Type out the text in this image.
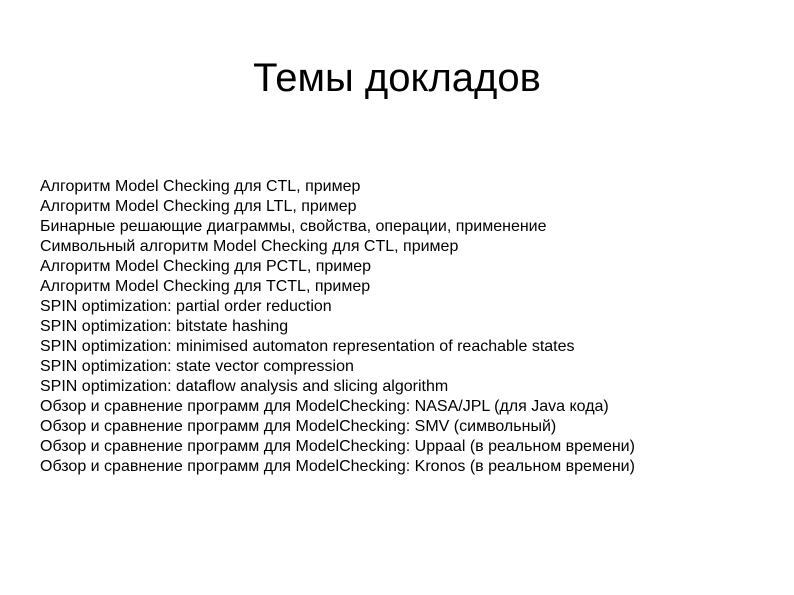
Темы докладов
Алгоритм Model Checking для CTL, пример
Алгоритм Model Checking для LTL, пример
Бинарные решающие диаграммы, свойства, операции, применение
Символьный алгоритм Model Checking для CTL, пример
Алгоритм Model Checking для PCTL, пример
Алгоритм Model Checking для TCTL, пример
SPIN optimization: partial order reduction
SPIN optimization: bitstate hashing
SPIN optimization: minimised automaton representation of reachable states
SPIN optimization: state vector compression
SPIN optimization: dataflow analysis and slicing algorithm
Обзор и сравнение программ для ModelChecking: NASA/JPL (для Java кода)
Обзор и сравнение программ для ModelChecking: SMV (символьный)
Обзор и сравнение программ для ModelChecking: Uppaal (в реальном времени)
Обзор и сравнение программ для ModelChecking: Kronos (в реальном времени)
